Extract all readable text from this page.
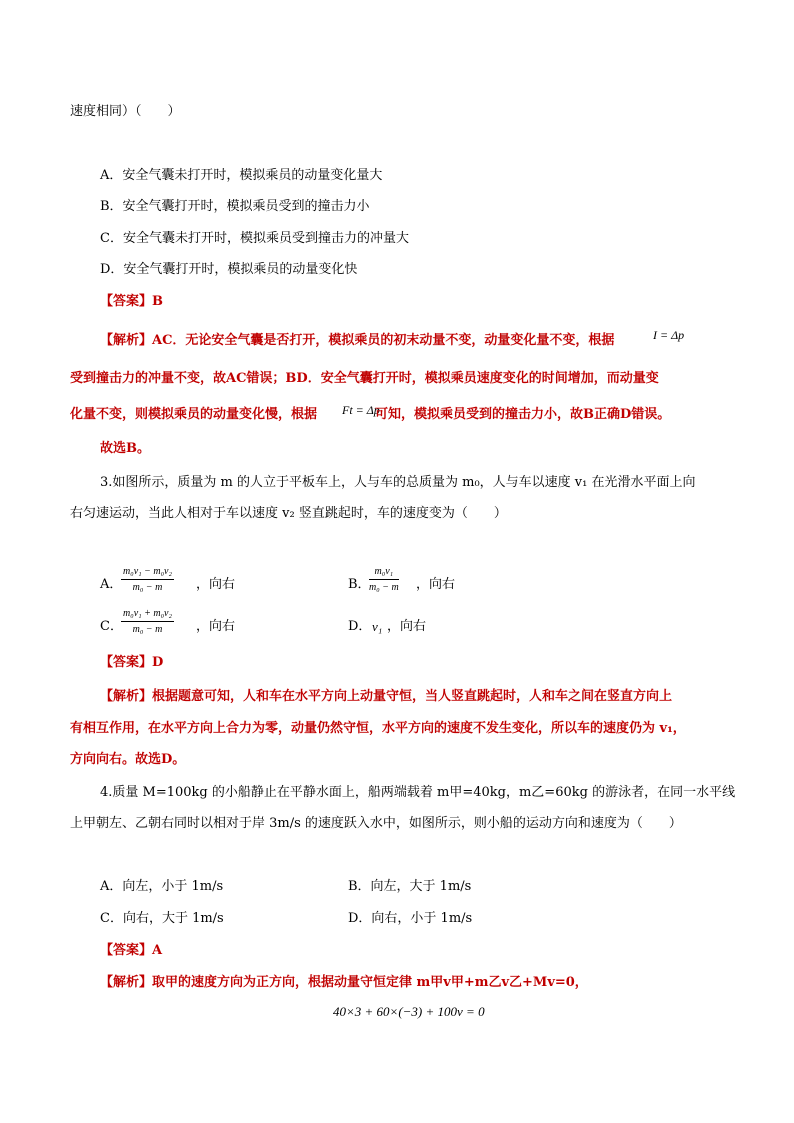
速度相同）（　　）
A．安全气囊未打开时，模拟乘员的动量变化量大
B．安全气囊打开时，模拟乘员受到的撞击力小
C．安全气囊未打开时，模拟乘员受到撞击力的冲量大
D．安全气囊打开时，模拟乘员的动量变化快
【答案】B
【解析】AC．无论安全气囊是否打开，模拟乘员的初末动量不变，动量变化量不变，根据	I = Δp
受到撞击力的冲量不变，故AC错误；BD．安全气囊打开时，模拟乘员速度变化的时间增加，而动量变
化量不变，则模拟乘员的动量变化慢，根据 Ft = Δp
可知，模拟乘员受到的撞击力小，故B正确D错误。
故选B。
3.如图所示，质量为 m 的人立于平板车上，人与车的总质量为 m₀，人与车以速度 v₁ 在光滑水平面上向
右匀速运动，当此人相对于车以速度 v₂ 竖直跳起时，车的速度变为（　　）
A．
$\frac{\text{m₀v₁ − m₀v₂}}{\text{m₀ − m}}$ ，向右	B．
$\frac{\text{m₀v₁}}{\text{m₀ − m}}$ ，向右
C．
$\frac{\text{m₀v₁ + m₀v₂}}{\text{m₀ − m}}$ ，向右	D． v₁ ，向右
【答案】D
【解析】根据题意可知，人和车在水平方向上动量守恒，当人竖直跳起时，人和车之间在竖直方向上
有相互作用，在水平方向上合力为零，动量仍然守恒，水平方向的速度不发生变化，所以车的速度仍为 v₁，
方向向右。故选D。
4.质量 M=100kg 的小船静止在平静水面上，船两端载着 m甲=40kg，m乙=60kg 的游泳者，在同一水平线
上甲朝左、乙朝右同时以相对于岸 3m/s 的速度跃入水中，如图所示，则小船的运动方向和速度为（　　）
A．向左，小于 1m/s	B．向左，大于 1m/s
C．向右，大于 1m/s	D．向右，小于 1m/s
【答案】A
【解析】取甲的速度方向为正方向，根据动量守恒定律 m甲v甲+m乙v乙+Mv=0，
40×3 + 60×(−3) + 100v = 0
